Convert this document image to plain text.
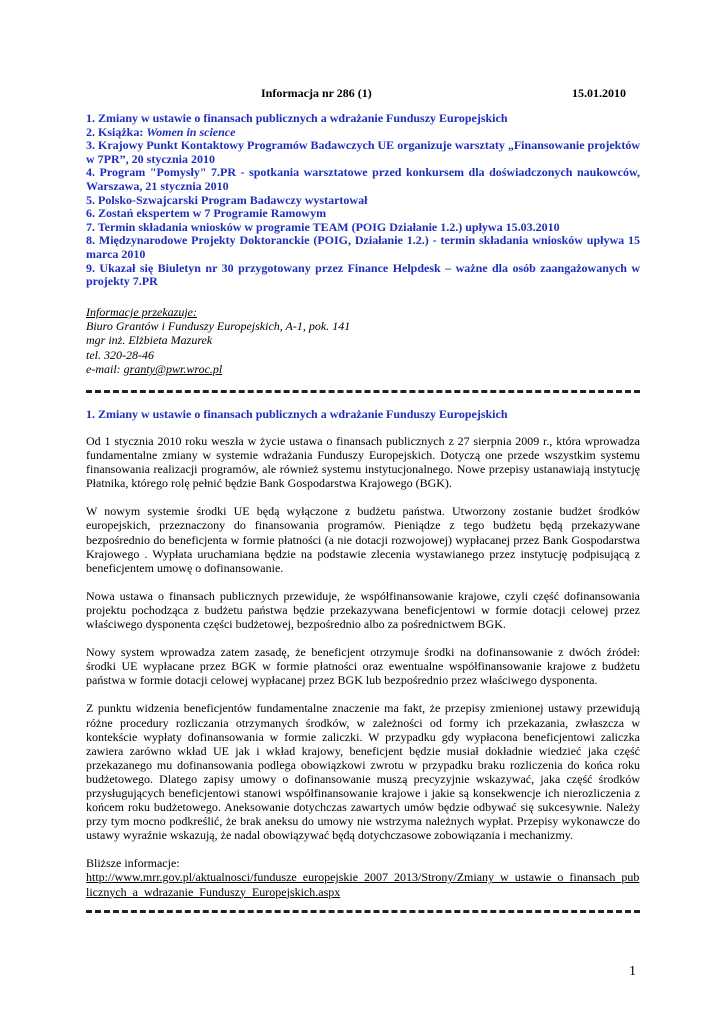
Informacja nr 286 (1)	15.01.2010

1. Zmiany w ustawie o finansach publicznych a wdrażanie Funduszy Europejskich

2. Książka: Women in science

3. Krajowy Punkt Kontaktowy Programów Badawczych UE organizuje warsztaty „Finansowanie projektów w 7PR”, 20 stycznia 2010

4. Program "Pomysły" 7.PR - spotkania warsztatowe przed konkursem dla doświadczonych naukowców, Warszawa, 21 stycznia 2010

5. Polsko-Szwajcarski Program Badawczy wystartował

6. Zostań ekspertem w 7 Programie Ramowym

7. Termin składania wniosków w programie TEAM (POIG Działanie 1.2.) upływa 15.03.2010

8. Międzynarodowe Projekty Doktoranckie (POIG, Działanie 1.2.) - termin składania wniosków upływa 15 marca 2010

9. Ukazał się Biuletyn nr 30 przygotowany przez Finance Helpdesk – ważne dla osób zaangażowanych w projekty 7.PR

Informacje przekazuje:

Biuro Grantów i Funduszy Europejskich, A-1, pok. 141

mgr inż. Elżbieta Mazurek

tel. 320-28-46

e-mail: granty@pwr.wroc.pl

1. Zmiany w ustawie o finansach publicznych a wdrażanie Funduszy Europejskich

Od 1 stycznia 2010 roku weszła w życie ustawa o finansach publicznych z 27 sierpnia 2009 r., która wprowadza fundamentalne zmiany w systemie wdrażania Funduszy Europejskich. Dotyczą one przede wszystkim systemu finansowania realizacji programów, ale również systemu instytucjonalnego. Nowe przepisy ustanawiają instytucję Płatnika, którego rolę pełnić będzie Bank Gospodarstwa Krajowego (BGK).

W nowym systemie środki UE będą wyłączone z budżetu państwa. Utworzony zostanie budżet środków europejskich, przeznaczony do finansowania programów. Pieniądze z tego budżetu będą przekazywane bezpośrednio do beneficjenta w formie płatności (a nie dotacji rozwojowej) wypłacanej przez Bank Gospodarstwa Krajowego . Wypłata uruchamiana będzie na podstawie zlecenia wystawianego przez instytucję podpisującą z beneficjentem umowę o dofinansowanie.

Nowa ustawa o finansach publicznych przewiduje, że współfinansowanie krajowe, czyli część dofinansowania projektu pochodząca z budżetu państwa będzie przekazywana beneficjentowi w formie dotacji celowej przez właściwego dysponenta części budżetowej, bezpośrednio albo za pośrednictwem BGK.

Nowy system wprowadza zatem zasadę, że beneficjent otrzymuje środki na dofinansowanie z dwóch źródeł: środki UE wypłacane przez BGK w formie płatności oraz ewentualne współfinansowanie krajowe z budżetu państwa w formie dotacji celowej wypłacanej przez BGK lub bezpośrednio przez właściwego dysponenta.

Z punktu widzenia beneficjentów fundamentalne znaczenie ma fakt, że przepisy zmienionej ustawy przewidują różne procedury rozliczania otrzymanych środków, w zależności od formy ich przekazania, zwłaszcza w kontekście wypłaty dofinansowania w formie zaliczki. W przypadku gdy wypłacona beneficjentowi zaliczka zawiera zarówno wkład UE jak i wkład krajowy, beneficjent będzie musiał dokładnie wiedzieć jaka część przekazanego mu dofinansowania podlega obowiązkowi zwrotu w przypadku braku rozliczenia do końca roku budżetowego. Dlatego zapisy umowy o dofinansowanie muszą precyzyjnie wskazywać, jaka część środków przysługujących beneficjentowi stanowi współfinansowanie krajowe i jakie są konsekwencje ich nierozliczenia z końcem roku budżetowego. Aneksowanie dotychczas zawartych umów będzie odbywać się sukcesywnie. Należy przy tym mocno podkreślić, że brak aneksu do umowy nie wstrzyma należnych wypłat. Przepisy wykonawcze do ustawy wyraźnie wskazują, że nadal obowiązywać będą dotychczasowe zobowiązania i mechanizmy.

Bliższe informacje:
http://www.mrr.gov.pl/aktualnosci/fundusze_europejskie_2007_2013/Strony/Zmiany_w_ustawie_o_finansach_publicznych_a_wdrazanie_Funduszy_Europejskich.aspx

1
